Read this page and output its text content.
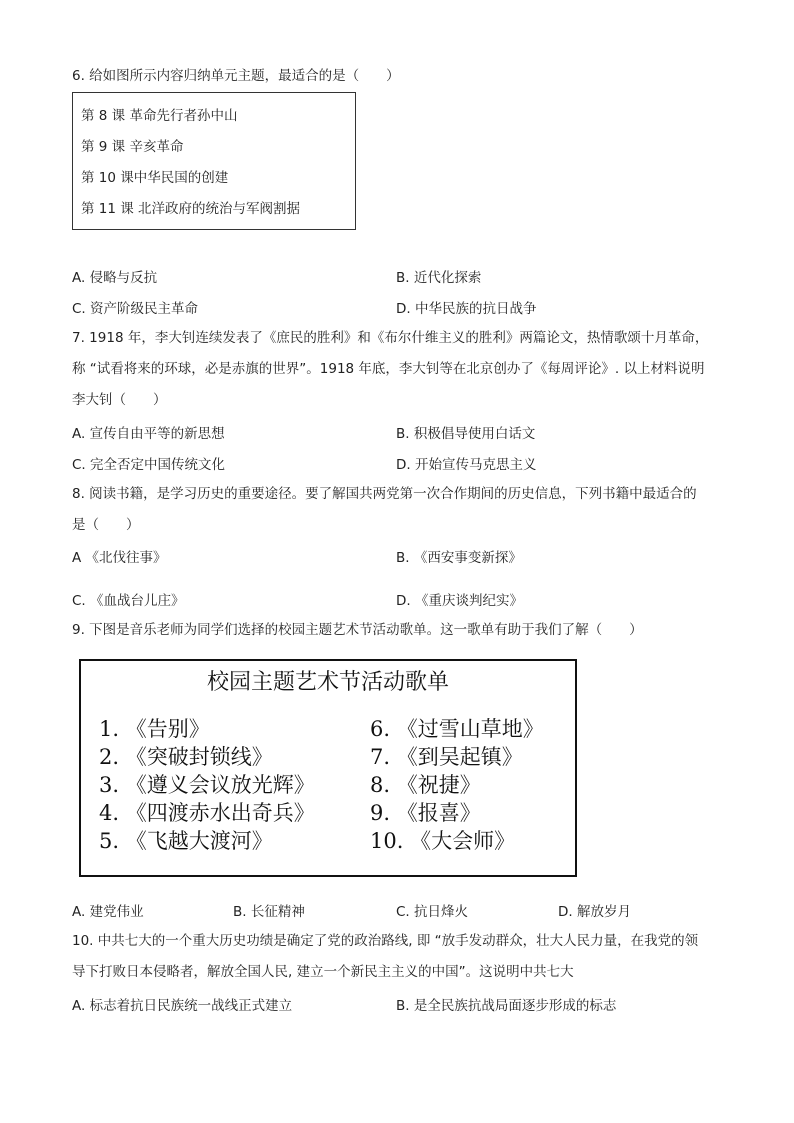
6. 给如图所示内容归纳单元主题，最适合的是（　　）
第 8 课 革命先行者孙中山
第 9 课 辛亥革命
第 10 课中华民国的创建
第 11 课 北洋政府的统治与军阀割据
A. 侵略与反抗	B. 近代化探索
C. 资产阶级民主革命	D. 中华民族的抗日战争
7. 1918 年，李大钊连续发表了《庶民的胜利》和《布尔什维主义的胜利》两篇论文，热情歌颂十月革命，
称 “试看将来的环球，必是赤旗的世界”。1918 年底，李大钊等在北京创办了《每周评论》. 以上材料说明
李大钊（　　）
A. 宣传自由平等的新思想	B. 积极倡导使用白话文
C. 完全否定中国传统文化	D. 开始宣传马克思主义
8. 阅读书籍，是学习历史的重要途径。要了解国共两党第一次合作期间的历史信息，下列书籍中最适合的
是（　　）
A 《北伐往事》	B. 《西安事变新探》
C. 《血战台儿庄》	D. 《重庆谈判纪实》
9. 下图是音乐老师为同学们选择的校园主题艺术节活动歌单。这一歌单有助于我们了解（　　）
校园主题艺术节活动歌单
1. 《告别》
2. 《突破封锁线》
3. 《遵义会议放光辉》
4. 《四渡赤水出奇兵》
5. 《飞越大渡河》
6. 《过雪山草地》
7. 《到吴起镇》
8. 《祝捷》
9. 《报喜》
10. 《大会师》
A. 建党伟业	B. 长征精神	C. 抗日烽火	D. 解放岁月
10. 中共七大的一个重大历史功绩是确定了党的政治路线, 即 “放手发动群众，壮大人民力量，在我党的领
导下打败日本侵略者，解放全国人民, 建立一个新民主主义的中国”。这说明中共七大
A. 标志着抗日民族统一战线正式建立	B. 是全民族抗战局面逐步形成的标志
